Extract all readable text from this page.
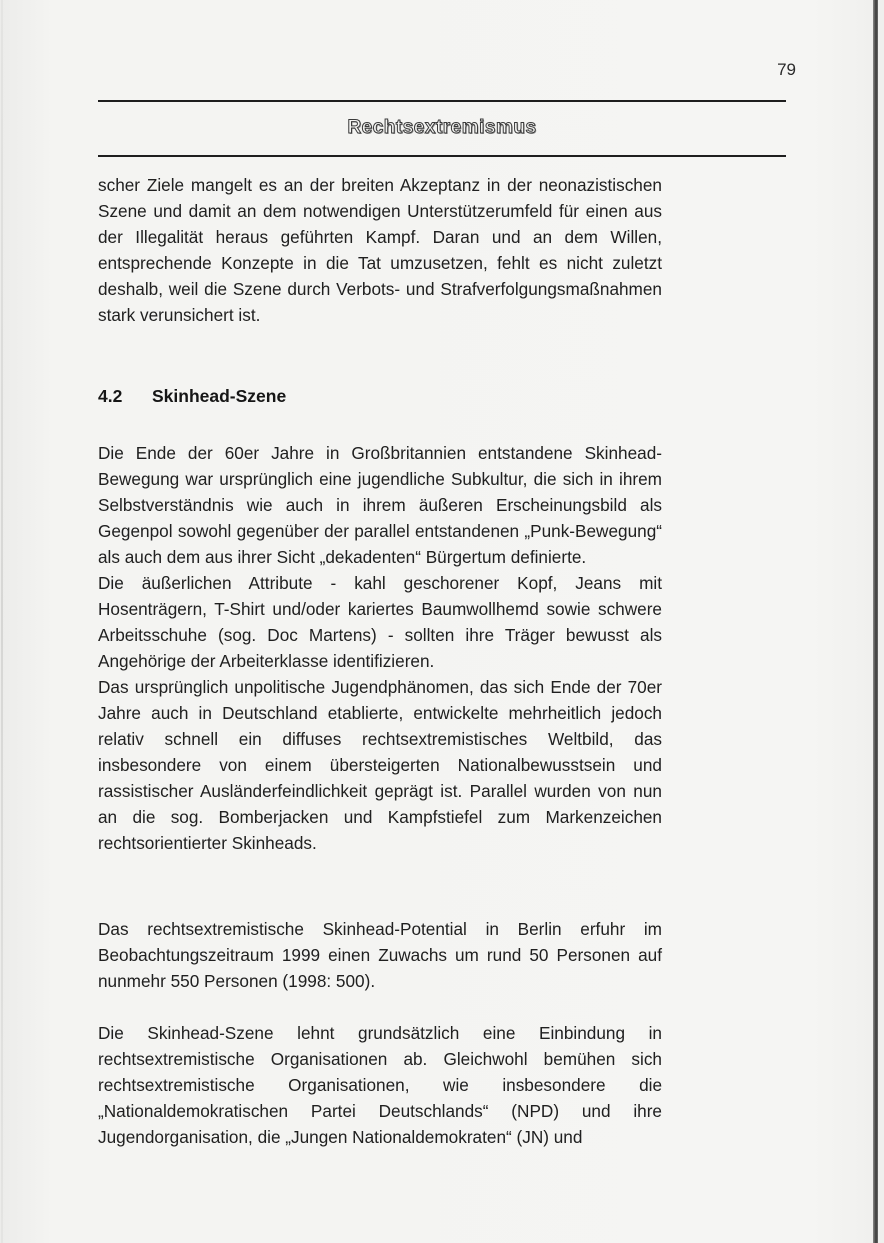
79
Rechtsextremismus

scher Ziele mangelt es an der breiten Akzeptanz in der neonazistischen Szene und damit an dem notwendigen Unterstützerumfeld für einen aus der Illegalität heraus geführten Kampf. Daran und an dem Willen, entsprechende Konzepte in die Tat umzusetzen, fehlt es nicht zuletzt deshalb, weil die Szene durch Verbots- und Strafverfolgungsmaßnahmen stark verunsichert ist.

4.2 Skinhead-Szene

Die Ende der 60er Jahre in Großbritannien entstandene Skinhead-Bewegung war ursprünglich eine jugendliche Subkultur, die sich in ihrem Selbstverständnis wie auch in ihrem äußeren Erscheinungsbild als Gegenpol sowohl gegenüber der parallel entstandenen „Punk-Bewegung“ als auch dem aus ihrer Sicht „dekadenten“ Bürgertum definierte.

Die äußerlichen Attribute - kahl geschorener Kopf, Jeans mit Hosenträgern, T-Shirt und/oder kariertes Baumwollhemd sowie schwere Arbeitsschuhe (sog. Doc Martens) - sollten ihre Träger bewusst als Angehörige der Arbeiterklasse identifizieren.

Das ursprünglich unpolitische Jugendphänomen, das sich Ende der 70er Jahre auch in Deutschland etablierte, entwickelte mehrheitlich jedoch relativ schnell ein diffuses rechtsextremistisches Weltbild, das insbesondere von einem übersteigerten Nationalbewusstsein und rassistischer Ausländerfeindlichkeit geprägt ist. Parallel wurden von nun an die sog. Bomberjacken und Kampfstiefel zum Markenzeichen rechtsorientierter Skinheads.

Das rechtsextremistische Skinhead-Potential in Berlin erfuhr im Beobachtungszeitraum 1999 einen Zuwachs um rund 50 Personen auf nunmehr 550 Personen (1998: 500).

Die Skinhead-Szene lehnt grundsätzlich eine Einbindung in rechtsextremistische Organisationen ab. Gleichwohl bemühen sich rechtsextremistische Organisationen, wie insbesondere die „Nationaldemokratischen Partei Deutschlands“ (NPD) und ihre Jugendorganisation, die „Jungen Nationaldemokraten“ (JN) und
